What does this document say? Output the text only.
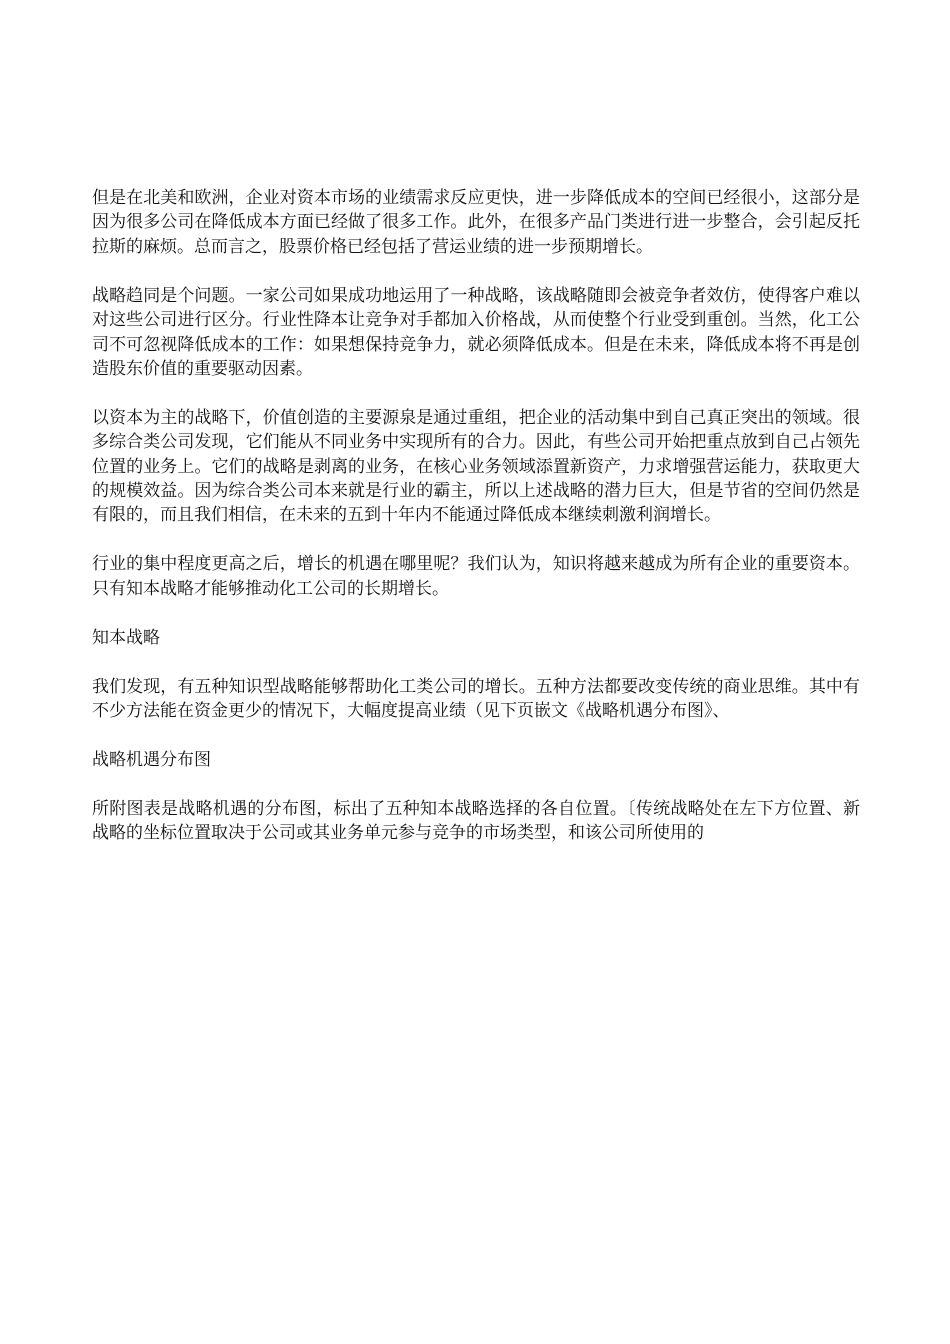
但是在北美和欧洲，企业对资本市场的业绩需求反应更快，进一步降低成本的空间已经很小，这部分是因为很多公司在降低成本方面已经做了很多工作。此外，在很多产品门类进行进一步整合，会引起反托拉斯的麻烦。总而言之，股票价格已经包括了营运业绩的进一步预期增长。

战略趋同是个问题。一家公司如果成功地运用了一种战略，该战略随即会被竞争者效仿，使得客户难以对这些公司进行区分。行业性降本让竞争对手都加入价格战，从而使整个行业受到重创。当然，化工公司不可忽视降低成本的工作：如果想保持竞争力，就必须降低成本。但是在未来，降低成本将不再是创造股东价值的重要驱动因素。

以资本为主的战略下，价值创造的主要源泉是通过重组，把企业的活动集中到自己真正突出的领域。很多综合类公司发现，它们能从不同业务中实现所有的合力。因此，有些公司开始把重点放到自己占领先位置的业务上。它们的战略是剥离的业务，在核心业务领域添置新资产，力求增强营运能力，获取更大的规模效益。因为综合类公司本来就是行业的霸主，所以上述战略的潜力巨大，但是节省的空间仍然是有限的，而且我们相信，在未来的五到十年内不能通过降低成本继续刺激利润增长。

行业的集中程度更高之后，增长的机遇在哪里呢？我们认为，知识将越来越成为所有企业的重要资本。只有知本战略才能够推动化工公司的长期增长。

知本战略

我们发现，有五种知识型战略能够帮助化工类公司的增长。五种方法都要改变传统的商业思维。其中有不少方法能在资金更少的情况下，大幅度提高业绩（见下页嵌文《战略机遇分布图》、

战略机遇分布图

所附图表是战略机遇的分布图，标出了五种知本战略选择的各自位置。〔传统战略处在左下方位置、新战略的坐标位置取决于公司或其业务单元参与竞争的市场类型，和该公司所使用的
